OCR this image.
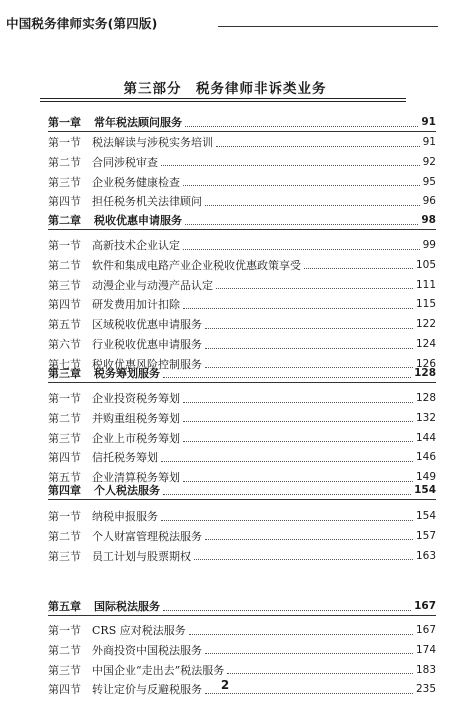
中国税务律师实务(第四版)
第三部分　税务律师非诉类业务
第一章	常年税法顾问服务	91
第一节	税法解读与涉税实务培训	91
第二节	合同涉税审查	92
第三节	企业税务健康检查	95
第四节	担任税务机关法律顾问	96
第二章	税收优惠申请服务	98
第一节	高新技术企业认定	99
第二节	软件和集成电路产业企业税收优惠政策享受	105
第三节	动漫企业与动漫产品认定	111
第四节	研发费用加计扣除	115
第五节	区域税收优惠申请服务	122
第六节	行业税收优惠申请服务	124
第七节	税收优惠风险控制服务	126
第三章	税务筹划服务	128
第一节	企业投资税务筹划	128
第二节	并购重组税务筹划	132
第三节	企业上市税务筹划	144
第四节	信托税务筹划	146
第五节	企业清算税务筹划	149
第四章	个人税法服务	154
第一节	纳税申报服务	154
第二节	个人财富管理税法服务	157
第三节	员工计划与股票期权	163
第五章	国际税法服务	167
第一节	CRS 应对税法服务	167
第二节	外商投资中国税法服务	174
第三节	中国企业“走出去”税法服务	183
第四节	转让定价与反避税服务	235
2
